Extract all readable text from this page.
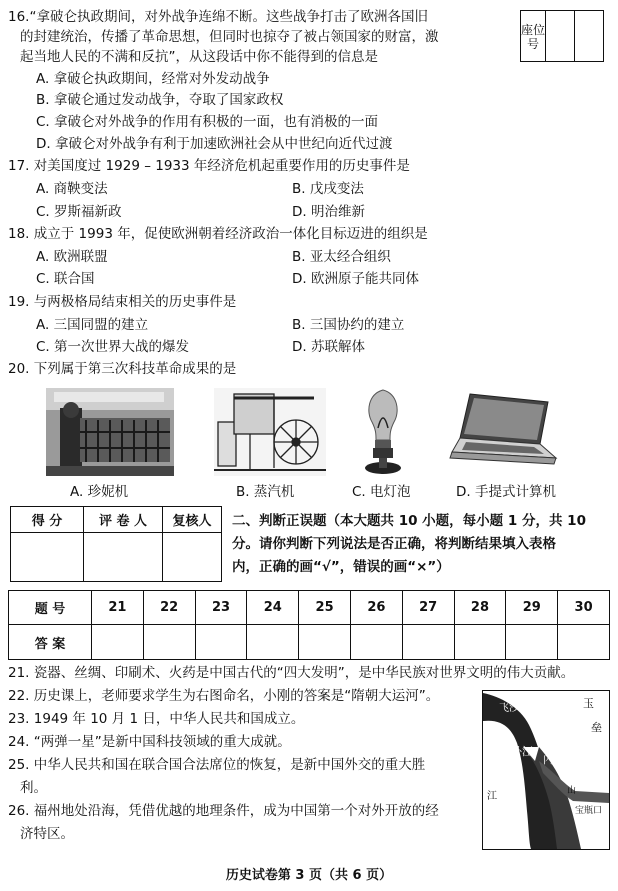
座位号		
16.“拿破仑执政期间，对外战争连绵不断。这些战争打击了欧洲各国旧
的封建统治，传播了革命思想，但同时也掠夺了被占领国家的财富，激
起当地人民的不满和反抗”，从这段话中你不能得到的信息是
A. 拿破仑执政期间，经常对外发动战争
B. 拿破仑通过发动战争，夺取了国家政权
C. 拿破仑对外战争的作用有积极的一面，也有消极的一面
D. 拿破仑对外战争有利于加速欧洲社会从中世纪向近代过渡
17. 对美国度过 1929 – 1933 年经济危机起重要作用的历史事件是
A. 商鞅变法	B. 戊戌变法
C. 罗斯福新政	D. 明治维新
18. 成立于 1993 年，促使欧洲朝着经济政治一体化目标迈进的组织是
A. 欧洲联盟	B. 亚太经合组织
C. 联合国	D. 欧洲原子能共同体
19. 与两极格局结束相关的历史事件是
A. 三国同盟的建立	B. 三国协约的建立
C. 第一次世界大战的爆发	D. 苏联解体
20. 下列属于第三次科技革命成果的是
A. 珍妮机	B. 蒸汽机	C. 电灯泡	D. 手提式计算机
得 分	评 卷 人	复核人
		二、判断正误题（本大题共 10 小题，每小题 1 分，共 10
分。请你判断下列说法是否正确，将判断结果填入表格
内，正确的画“√”，错误的画“×”）
题 号	21	22	23	24	25	26	27	28	29	30
答 案										
21. 瓷器、丝绸、印刷术、火药是中国古代的“四大发明”，是中华民族对世界文明的伟大贡献。
22. 历史课上，老师要求学生为右图命名，小刚的答案是“隋朝大运河”。
23. 1949 年 10 月 1 日，中华人民共和国成立。
24. “两弹一星”是新中国科技领域的重大成就。
25. 中华人民共和国在联合国合法席位的恢复，是新中国外交的重大胜
利。
26. 福州地处沿海，凭借优越的地理条件，成为中国第一个对外开放的经
济特区。
飞沙堰
外江
金刚堤
内江
玉
垒
山
宝瓶口
外
江
江
历史试卷第 3 页（共 6 页）
